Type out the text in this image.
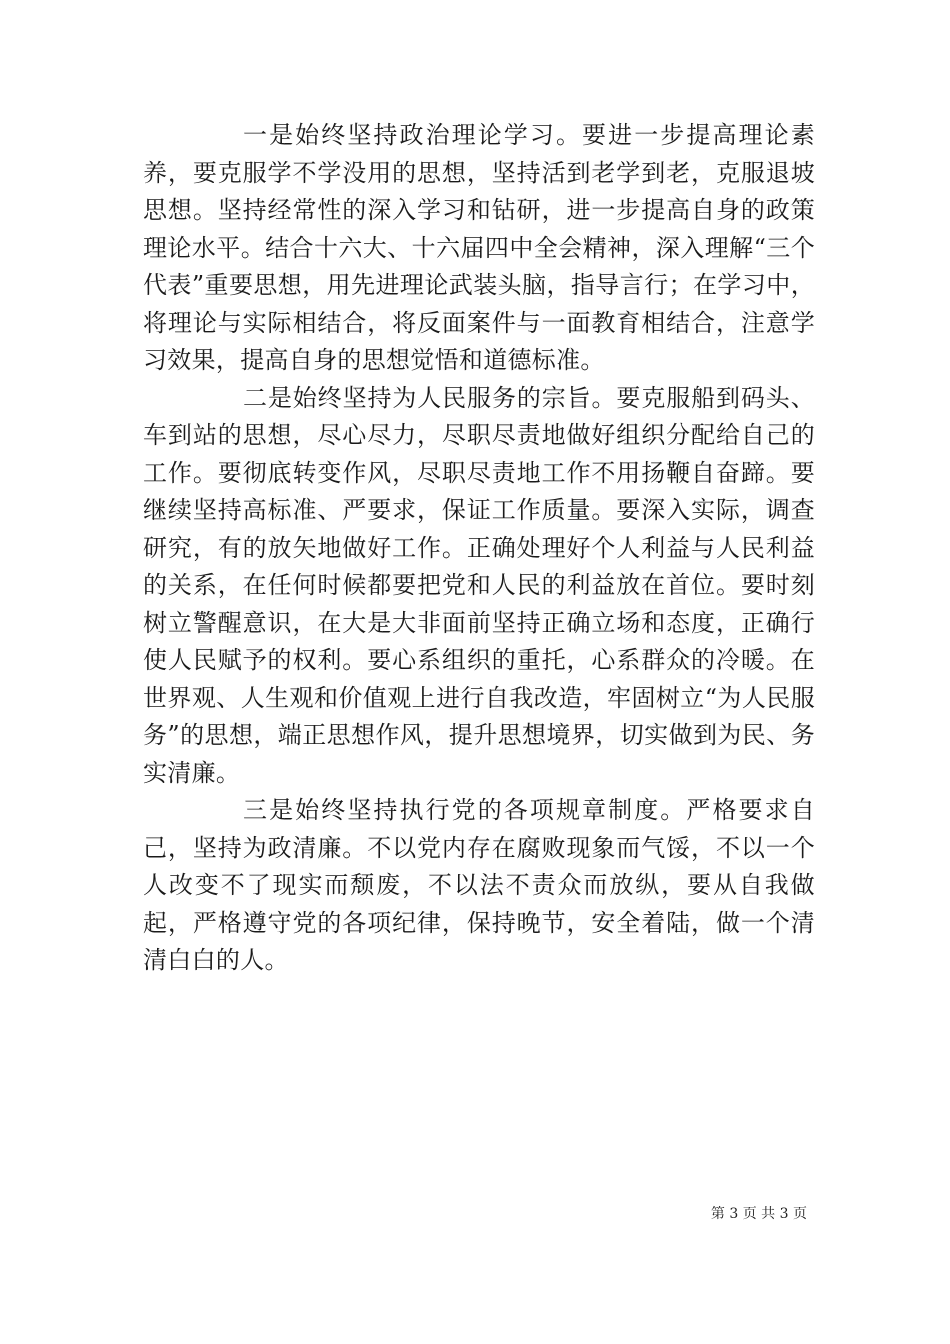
一是始终坚持政治理论学习。要进一步提高理论素养，要克服学不学没用的思想，坚持活到老学到老，克服退坡思想。坚持经常性的深入学习和钻研，进一步提高自身的政策理论水平。结合十六大、十六届四中全会精神，深入理解“三个代表”重要思想，用先进理论武装头脑，指导言行；在学习中，将理论与实际相结合，将反面案件与一面教育相结合，注意学习效果，提高自身的思想觉悟和道德标准。

二是始终坚持为人民服务的宗旨。要克服船到码头、车到站的思想，尽心尽力，尽职尽责地做好组织分配给自己的工作。要彻底转变作风，尽职尽责地工作不用扬鞭自奋蹄。要继续坚持高标准、严要求，保证工作质量。要深入实际，调查研究，有的放矢地做好工作。正确处理好个人利益与人民利益的关系，在任何时候都要把党和人民的利益放在首位。要时刻树立警醒意识，在大是大非面前坚持正确立场和态度，正确行使人民赋予的权利。要心系组织的重托，心系群众的冷暖。在世界观、人生观和价值观上进行自我改造，牢固树立“为人民服务”的思想，端正思想作风，提升思想境界，切实做到为民、务实清廉。

三是始终坚持执行党的各项规章制度。严格要求自己，坚持为政清廉。不以党内存在腐败现象而气馁，不以一个人改变不了现实而颓废，不以法不责众而放纵，要从自我做起，严格遵守党的各项纪律，保持晚节，安全着陆，做一个清清白白的人。

第 3 页 共 3 页
